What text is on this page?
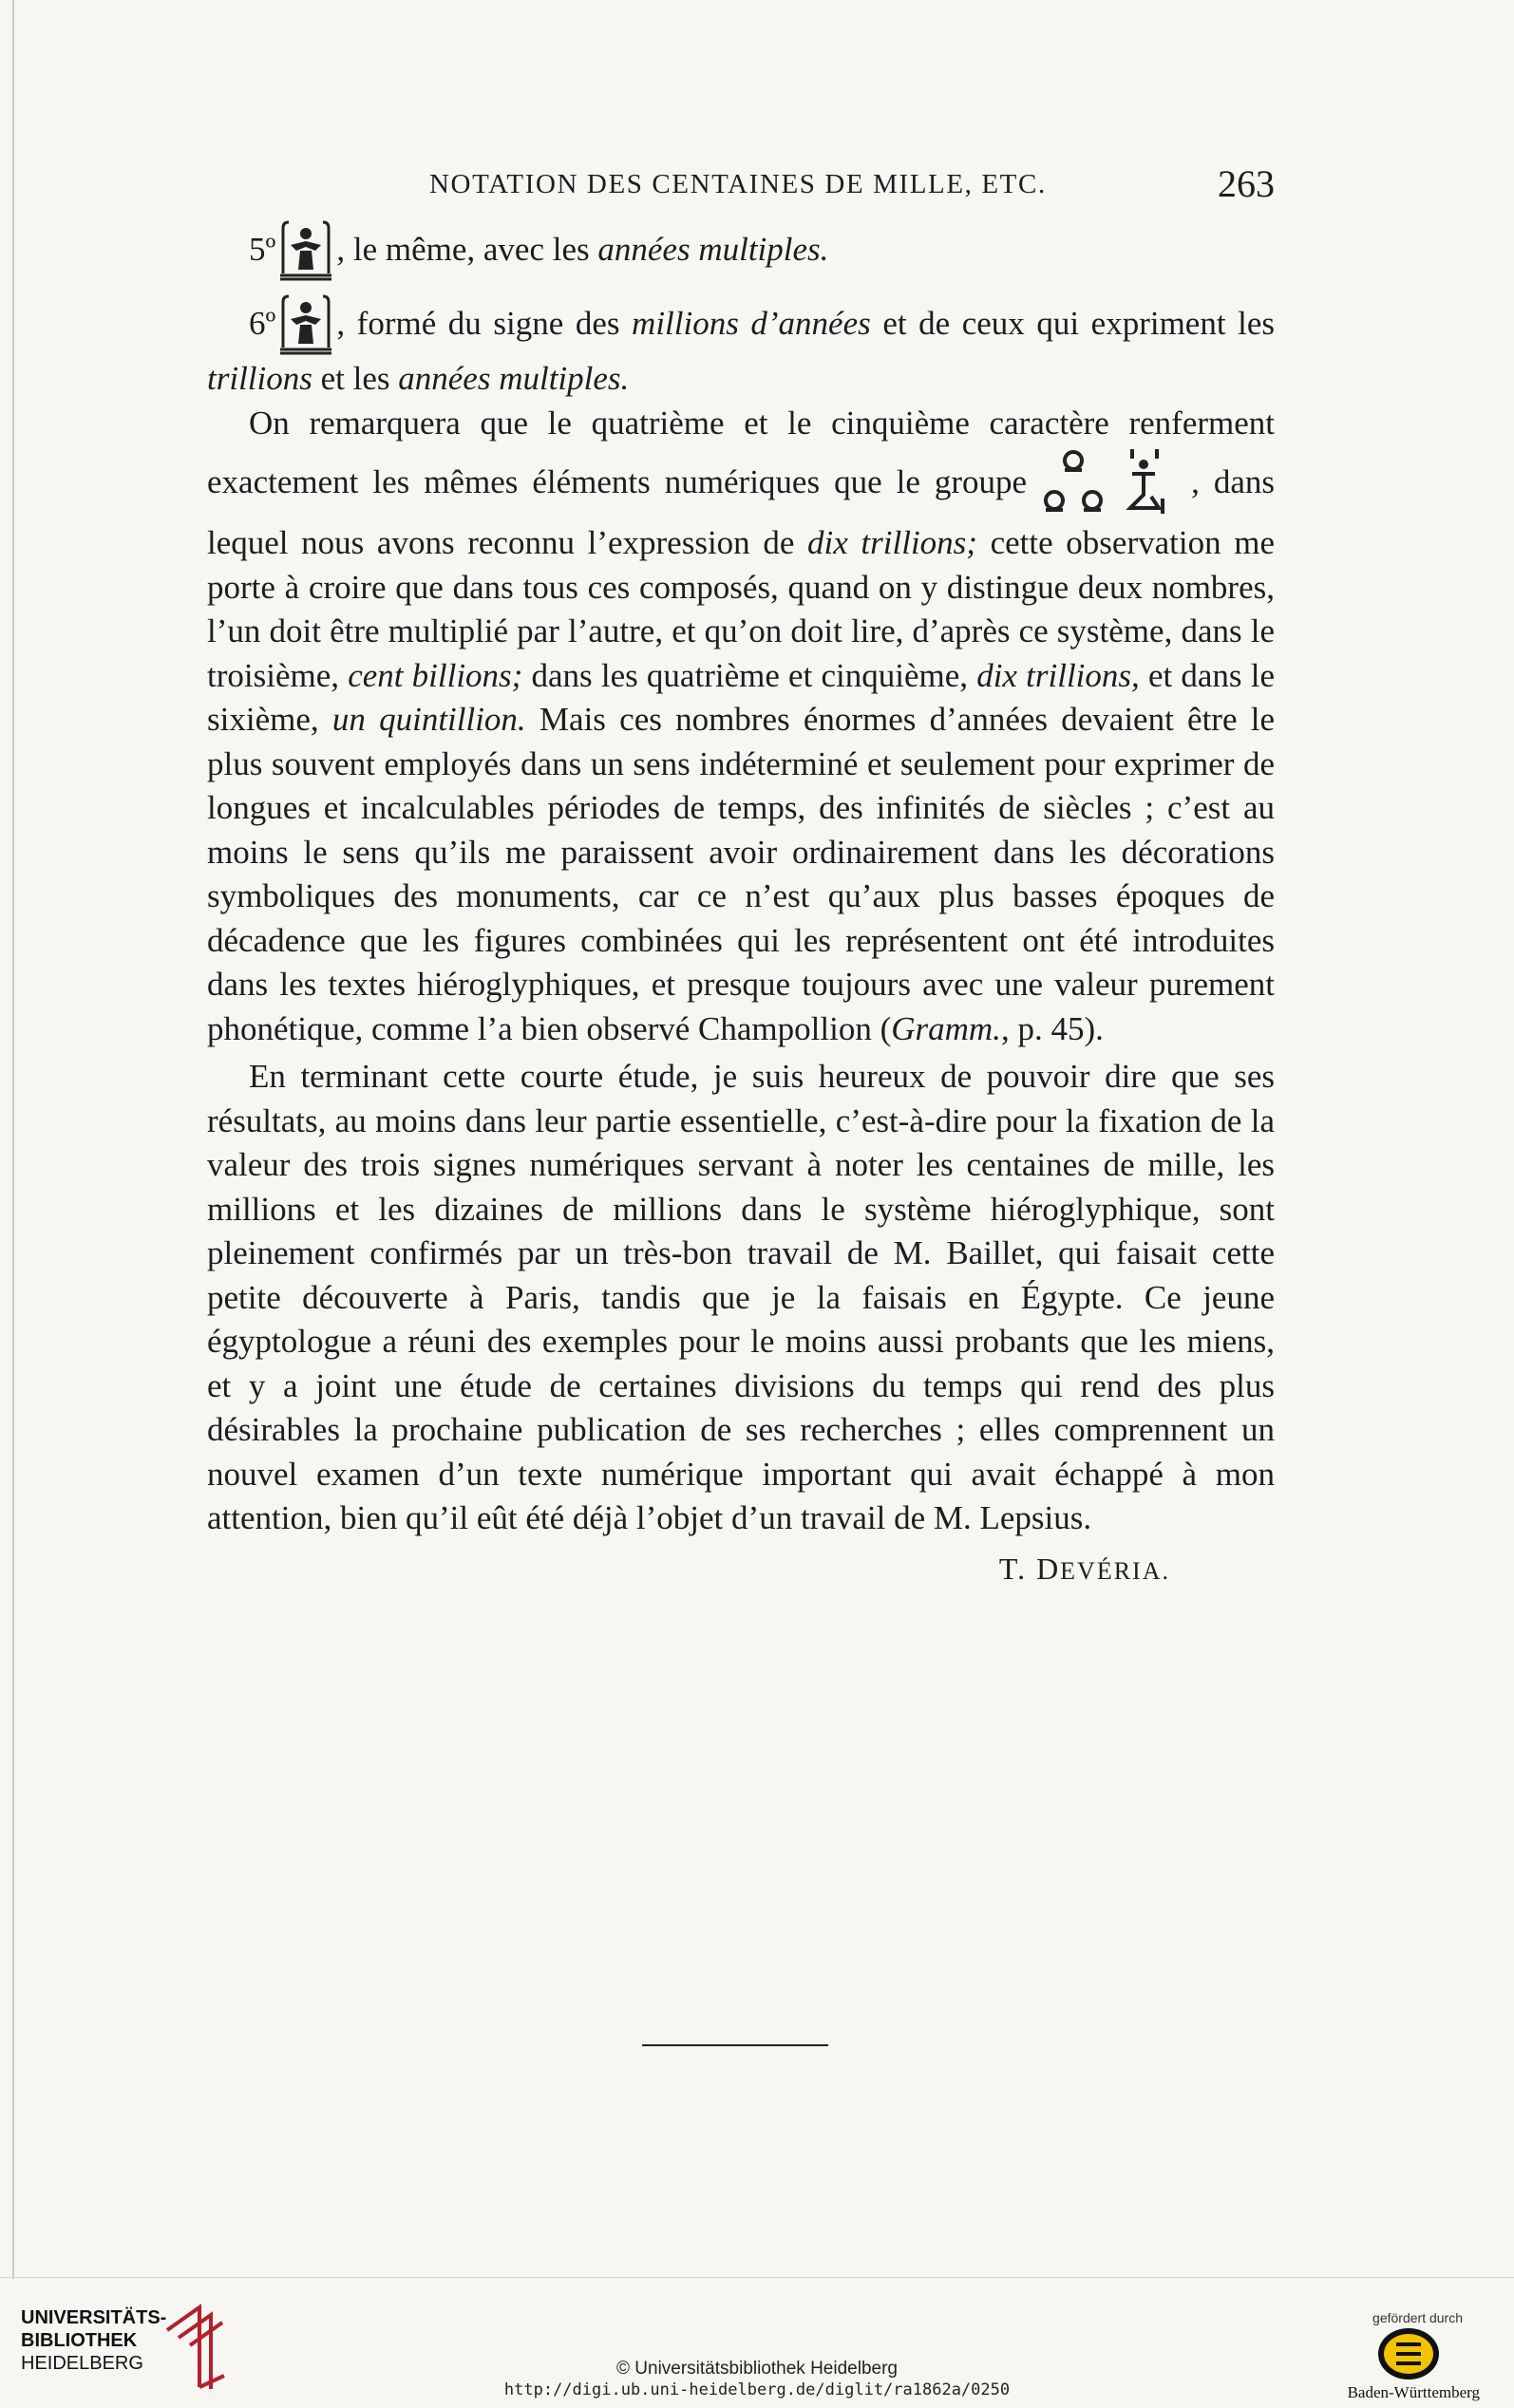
NOTATION DES CENTAINES DE MILLE, ETC.	263

5º , le même, avec les années multiples.

6º , formé du signe des millions d’années et de ceux qui expriment les trillions et les années multiples.

On remarquera que le quatrième et le cinquième caractère renferment exactement les mêmes éléments numériques que le groupe	, dans lequel nous avons reconnu l’expression de dix trillions; cette observation me porte à croire que dans tous ces composés, quand on y distingue deux nombres, l’un doit être multiplié par l’autre, et qu’on doit lire, d’après ce système, dans le troisième, cent billions; dans les quatrième et cinquième, dix trillions, et dans le sixième, un quintillion. Mais ces nombres énormes d’années devaient être le plus souvent employés dans un sens indéterminé et seulement pour exprimer de longues et incalculables périodes de temps, des infinités de siècles ; c’est au moins le sens qu’ils me paraissent avoir ordinairement dans les décorations symboliques des monuments, car ce n’est qu’aux plus basses époques de décadence que les figures combinées qui les représentent ont été introduites dans les textes hiéroglyphiques, et presque toujours avec une valeur purement phonétique, comme l’a bien observé Champollion (Gramm., p. 45).

En terminant cette courte étude, je suis heureux de pouvoir dire que ses résultats, au moins dans leur partie essentielle, c’est-à-dire pour la fixation de la valeur des trois signes numériques servant à noter les centaines de mille, les millions et les dizaines de millions dans le système hiéroglyphique, sont pleinement confirmés par un très-bon travail de M. Baillet, qui faisait cette petite découverte à Paris, tandis que je la faisais en Égypte. Ce jeune égyptologue a réuni des exemples pour le moins aussi probants que les miens, et y a joint une étude de certaines divisions du temps qui rend des plus désirables la prochaine publication de ses recherches ; elles comprennent un nouvel examen d’un texte numérique important qui avait échappé à mon attention, bien qu’il eût été déjà l’objet d’un travail de M. Lepsius.

T. DEVÉRIA.
UNIVERSITÄTS-
BIBLIOTHEK
HEIDELBERG	© Universitätsbibliothek Heidelberg
http://digi.ub.uni-heidelberg.de/diglit/ra1862a/0250
gefördert durch
Baden-Württemberg
